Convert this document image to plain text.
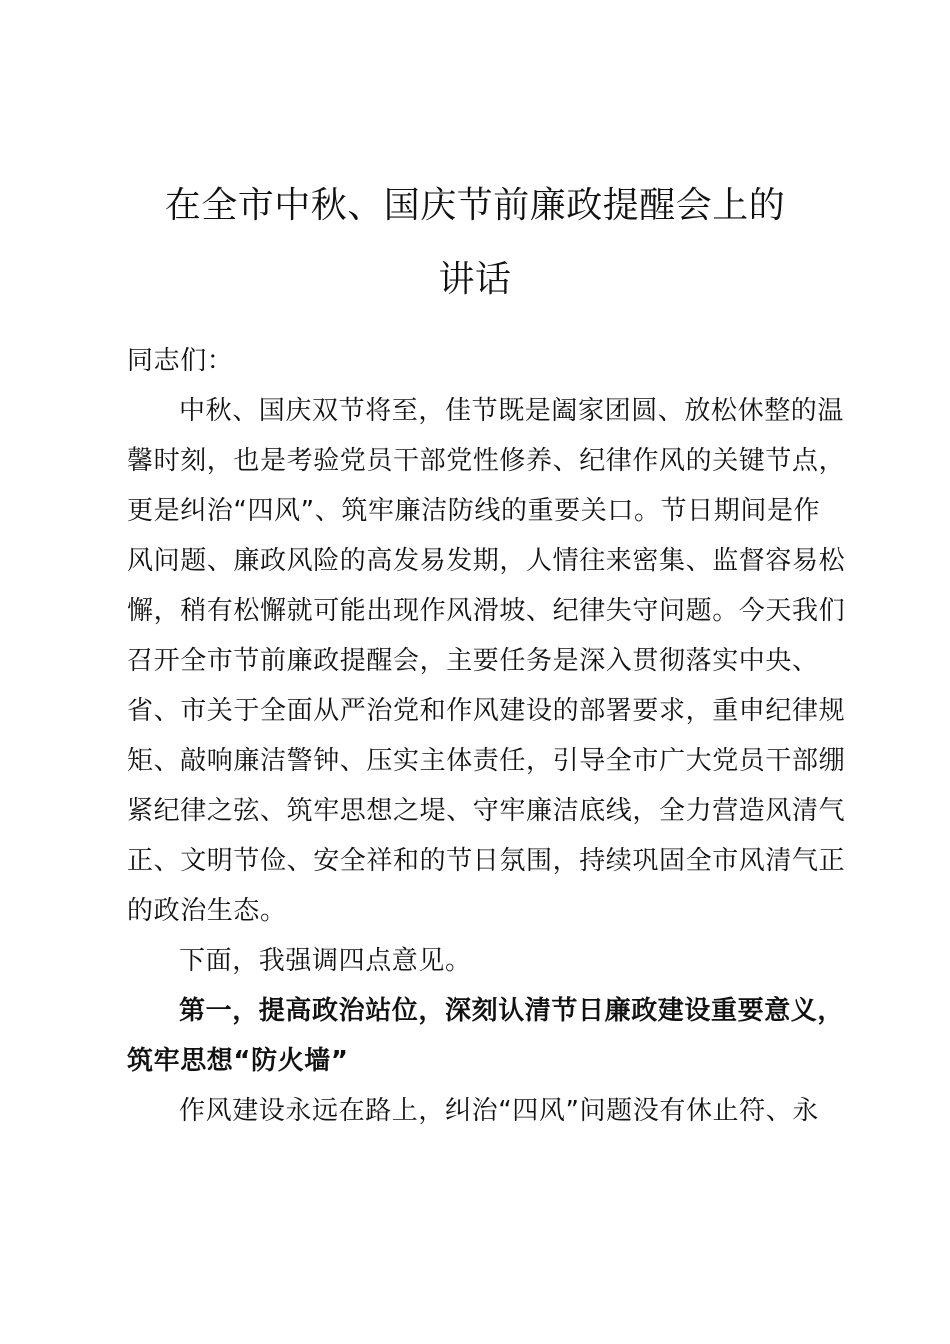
在全市中秋、国庆节前廉政提醒会上的
讲话
同志们：
中秋、国庆双节将至，佳节既是阖家团圆、放松休整的温
馨时刻，也是考验党员干部党性修养、纪律作风的关键节点，
更是纠治“四风”、筑牢廉洁防线的重要关口。节日期间是作
风问题、廉政风险的高发易发期，人情往来密集、监督容易松
懈，稍有松懈就可能出现作风滑坡、纪律失守问题。今天我们
召开全市节前廉政提醒会，主要任务是深入贯彻落实中央、
省、市关于全面从严治党和作风建设的部署要求，重申纪律规
矩、敲响廉洁警钟、压实主体责任，引导全市广大党员干部绷
紧纪律之弦、筑牢思想之堤、守牢廉洁底线，全力营造风清气
正、文明节俭、安全祥和的节日氛围，持续巩固全市风清气正
的政治生态。
下面，我强调四点意见。
第一，提高政治站位，深刻认清节日廉政建设重要意义，
筑牢思想“防火墙”
作风建设永远在路上，纠治“四风”问题没有休止符、永
